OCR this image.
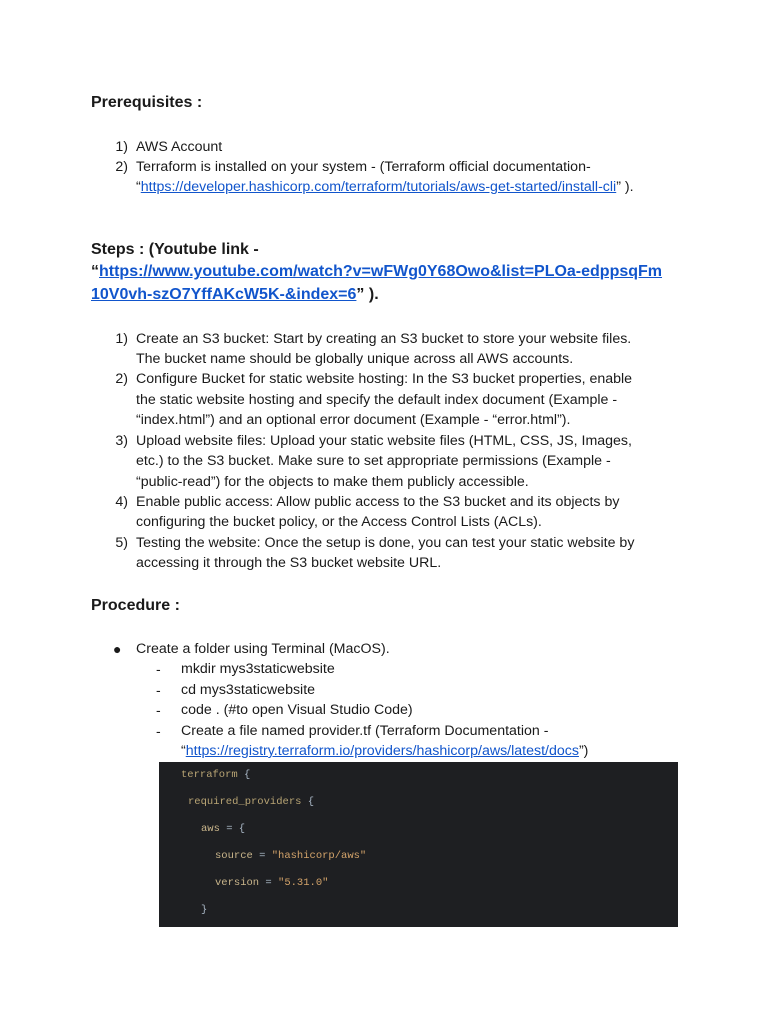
Prerequisites :
1) AWS Account
2) Terraform is installed on your system - (Terraform official documentation-
“https://developer.hashicorp.com/terraform/tutorials/aws-get-started/install-cli” ).
Steps : (Youtube link -
“https://www.youtube.com/watch?v=wFWg0Y68Owo&list=PLOa-edppsqFm
10V0vh-szO7YffAKcW5K-&index=6” ).
1) Create an S3 bucket: Start by creating an S3 bucket to store your website files.
The bucket name should be globally unique across all AWS accounts.
2) Configure Bucket for static website hosting: In the S3 bucket properties, enable
the static website hosting and specify the default index document (Example -
“index.html”) and an optional error document (Example - “error.html”).
3) Upload website files: Upload your static website files (HTML, CSS, JS, Images,
etc.) to the S3 bucket. Make sure to set appropriate permissions (Example -
“public-read”) for the objects to make them publicly accessible.
4) Enable public access: Allow public access to the S3 bucket and its objects by
configuring the bucket policy, or the Access Control Lists (ACLs).
5) Testing the website: Once the setup is done, you can test your static website by
accessing it through the S3 bucket website URL.
Procedure :
● Create a folder using Terminal (MacOS).
- mkdir mys3staticwebsite
- cd mys3staticwebsite
- code . (#to open Visual Studio Code)
- Create a file named provider.tf (Terraform Documentation -
“https://registry.terraform.io/providers/hashicorp/aws/latest/docs”)
terraform {
required_providers {
aws = {
source = "hashicorp/aws"
version = "5.31.0"
}
